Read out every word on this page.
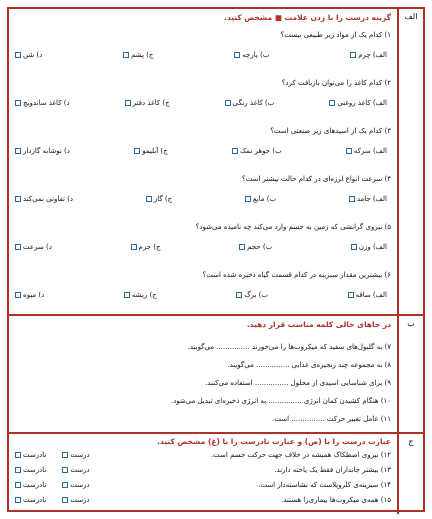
الف
گزینه درست را با زدن علامت ■ مشخص کنید.
۱) کدام یک از مواد زیر طبیعی نیست؟
الف) چرم
ب) پارچه
ج) پشم
د) شن
۲) کدام کاغذ را می‌توان بازیافت کرد؟
الف) کاغذ روغنی
ب) کاغذ رنگی
ج) کاغذ دفتر
د) کاغذ ساندویچ
۳) کدام یک از اسیدهای زیر صنعتی است؟
الف) سرکه
ب) جوهر نمک
ج) آبلیمو
د) نوشابه گازدار
۴) سرعت انواع لرزه‌ای در کدام حالت بیشتر است؟
الف) جامد
ب) مایع
ج) گاز
د) تفاوتی نمی‌کند
۵) نیروی گرانشی که زمین به جسم وارد می‌کند چه نامیده می‌شود؟
الف) وزن
ب) حجم
ج) جرم
د) سرعت
۶) بیشترین مقدار سبزینه در کدام قسمت گیاه ذخیره شده است؟
الف) ساقه
ب) برگ
ج) ریشه
د) میوه
ب
در جاهای خالی کلمه مناسب قرار دهید.
۷) به گلبول‌های سفید که میکروب‌ها را می‌خورند ............... می‌گویند.
۸) به مجموعه چند زنجیره‌ی غذایی ............... می‌گویند.
۹) برای شناسایی اسیدی از محلول ............... استفاده می‌کنند.
۱۰) هنگام کشیدن کمان انرژی ............... به انرژی ذخیره‌ای تبدیل می‌شود.
۱۱) عامل تغییر حرکت ............... است.
ج
عبارت درست را با (ص) و عبارت نادرست را با (غ) مشخص کنید.
۱۲) نیروی اصطکاک همیشه در خلاف جهت حرکت جسم است.
درست
نادرست
۱۳) بیشتر جانداران فقط یک یاخته دارند.
درست
نادرست
۱۴) سبزینه‌ی کلروپلاست که نشاسته‌دار است.
درست
نادرست
۱۵) همه‌ی میکروب‌ها بیماری‌زا هستند.
درست
نادرست
